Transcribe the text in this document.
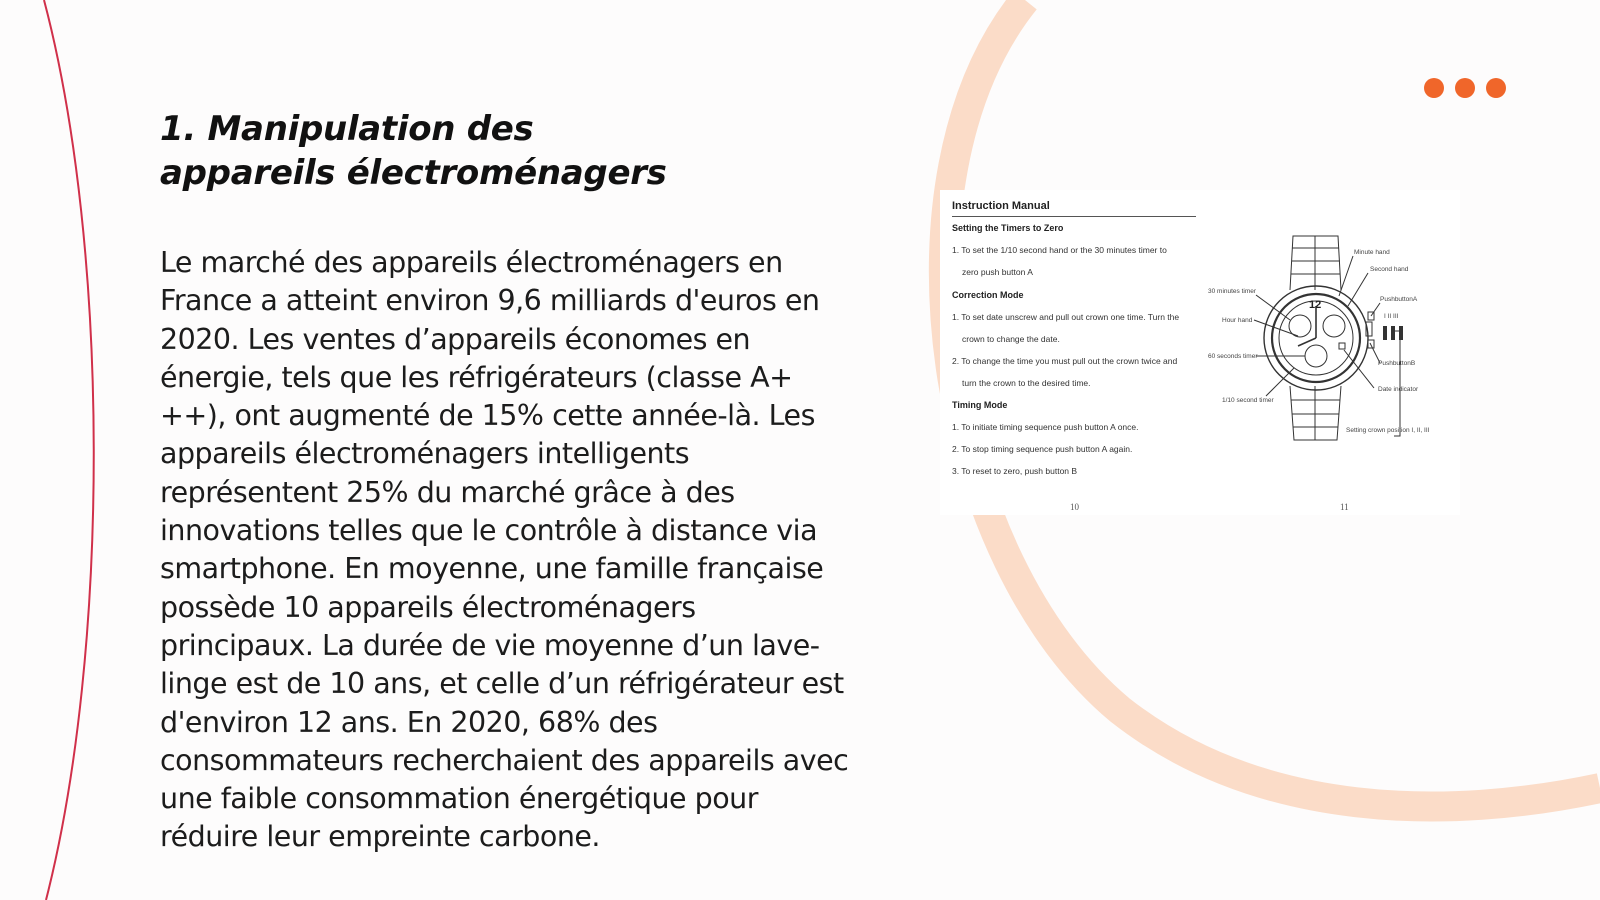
1. Manipulation des appareils électroménagers

Le marché des appareils électroménagers en France a atteint environ 9,6 milliards d'euros en 2020. Les ventes d’appareils économes en énergie, tels que les réfrigérateurs (classe A+ ++), ont augmenté de 15% cette année-là. Les appareils électroménagers intelligents représentent 25% du marché grâce à des innovations telles que le contrôle à distance via smartphone. En moyenne, une famille française possède 10 appareils électroménagers principaux. La durée de vie moyenne d’un lave-linge est de 10 ans, et celle d’un réfrigérateur est d'environ 12 ans. En 2020, 68% des consommateurs recherchaient des appareils avec une faible consommation énergétique pour réduire leur empreinte carbone.

Instruction Manual
Setting the Timers to Zero
1. To set the 1/10 second hand or the 30 minutes timer to
zero push button A
Correction Mode
1. To set date unscrew and pull out crown one time. Turn the
crown to change the date.
2. To change the time you must pull out the crown twice and
turn the crown to the desired time.
Timing Mode
1. To initiate timing sequence push button A once.
2. To stop timing sequence push button A again.
3. To reset to zero, push button B
10	11
12
Minute hand
Second hand
30 minutes timer
PushbuttonA
Hour hand
I II III
60 seconds timer
PushbuttonB
Date indicator
1/10 second timer
Setting crown position I, II, III
